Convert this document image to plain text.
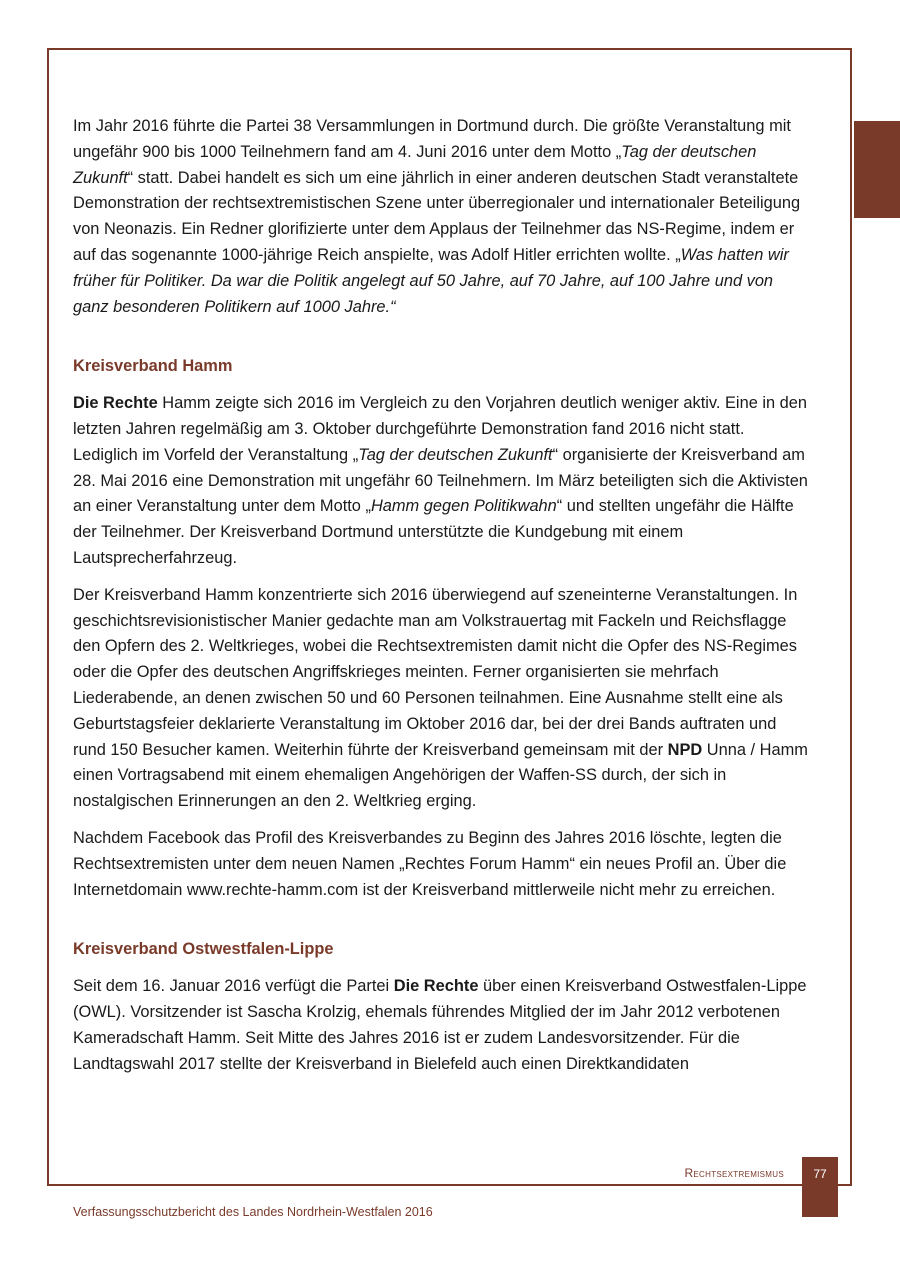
Im Jahr 2016 führte die Partei 38 Versammlungen in Dortmund durch. Die größte Veranstaltung mit ungefähr 900 bis 1000 Teilnehmern fand am 4. Juni 2016 unter dem Motto „Tag der deutschen Zukunft“ statt. Dabei handelt es sich um eine jährlich in einer anderen deutschen Stadt veranstaltete Demonstration der rechtsextremistischen Szene unter überregionaler und internationaler Beteiligung von Neonazis. Ein Redner glorifizierte unter dem Applaus der Teilnehmer das NS-Regime, indem er auf das sogenannte 1000-jährige Reich anspielte, was Adolf Hitler errichten wollte. „Was hatten wir früher für Politiker. Da war die Politik angelegt auf 50 Jahre, auf 70 Jahre, auf 100 Jahre und von ganz besonderen Politikern auf 1000 Jahre.“

Kreisverband Hamm

Die Rechte Hamm zeigte sich 2016 im Vergleich zu den Vorjahren deutlich weniger aktiv. Eine in den letzten Jahren regelmäßig am 3. Oktober durchgeführte Demonstration fand 2016 nicht statt. Lediglich im Vorfeld der Veranstaltung „Tag der deutschen Zukunft“ organisierte der Kreisverband am 28. Mai 2016 eine Demonstration mit ungefähr 60 Teilnehmern. Im März beteiligten sich die Aktivisten an einer Veranstaltung unter dem Motto „Hamm gegen Politikwahn“ und stellten ungefähr die Hälfte der Teilnehmer. Der Kreisverband Dortmund unterstützte die Kundgebung mit einem Lautsprecherfahrzeug.

Der Kreisverband Hamm konzentrierte sich 2016 überwiegend auf szeneinterne Veranstaltungen. In geschichtsrevisionistischer Manier gedachte man am Volkstrauertag mit Fackeln und Reichsflagge den Opfern des 2. Weltkrieges, wobei die Rechtsextremisten damit nicht die Opfer des NS-Regimes oder die Opfer des deutschen Angriffskrieges meinten. Ferner organisierten sie mehrfach Liederabende, an denen zwischen 50 und 60 Personen teilnahmen. Eine Ausnahme stellt eine als Geburtstagsfeier deklarierte Veranstaltung im Oktober 2016 dar, bei der drei Bands auftraten und rund 150 Besucher kamen. Weiterhin führte der Kreisverband gemeinsam mit der NPD Unna / Hamm einen Vortragsabend mit einem ehemaligen Angehörigen der Waffen-SS durch, der sich in nostalgischen Erinnerungen an den 2. Weltkrieg erging.

Nachdem Facebook das Profil des Kreisverbandes zu Beginn des Jahres 2016 löschte, legten die Rechtsextremisten unter dem neuen Namen „Rechtes Forum Hamm“ ein neues Profil an. Über die Internetdomain www.rechte-hamm.com ist der Kreisverband mittlerweile nicht mehr zu erreichen.

Kreisverband Ostwestfalen-Lippe

Seit dem 16. Januar 2016 verfügt die Partei Die Rechte über einen Kreisverband Ostwestfalen-Lippe (OWL). Vorsitzender ist Sascha Krolzig, ehemals führendes Mitglied der im Jahr 2012 verbotenen Kameradschaft Hamm. Seit Mitte des Jahres 2016 ist er zudem Landesvorsitzender. Für die Landtagswahl 2017 stellte der Kreisverband in Bielefeld auch einen Direktkandidaten

Rechtsextremismus	77
Verfassungsschutzbericht des Landes Nordrhein-Westfalen 2016
